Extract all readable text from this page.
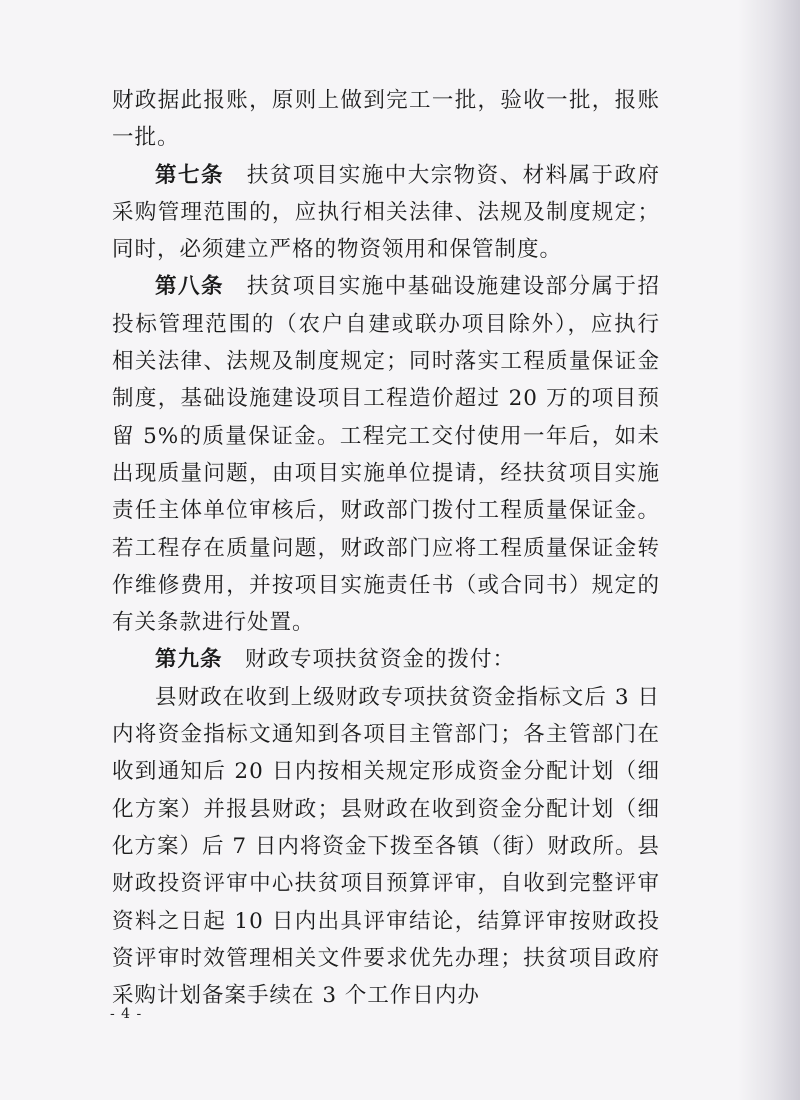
财政据此报账，原则上做到完工一批，验收一批，报账一批。

第七条  扶贫项目实施中大宗物资、材料属于政府采购管理范围的，应执行相关法律、法规及制度规定；同时，必须建立严格的物资领用和保管制度。

第八条  扶贫项目实施中基础设施建设部分属于招投标管理范围的（农户自建或联办项目除外），应执行相关法律、法规及制度规定；同时落实工程质量保证金制度，基础设施建设项目工程造价超过 20 万的项目预留 5%的质量保证金。工程完工交付使用一年后，如未出现质量问题，由项目实施单位提请，经扶贫项目实施责任主体单位审核后，财政部门拨付工程质量保证金。若工程存在质量问题，财政部门应将工程质量保证金转作维修费用，并按项目实施责任书（或合同书）规定的有关条款进行处置。

第九条  财政专项扶贫资金的拨付：

县财政在收到上级财政专项扶贫资金指标文后 3 日内将资金指标文通知到各项目主管部门；各主管部门在收到通知后 20 日内按相关规定形成资金分配计划（细化方案）并报县财政；县财政在收到资金分配计划（细化方案）后 7 日内将资金下拨至各镇（街）财政所。县财政投资评审中心扶贫项目预算评审，自收到完整评审资料之日起 10 日内出具评审结论，结算评审按财政投资评审时效管理相关文件要求优先办理；扶贫项目政府采购计划备案手续在 3 个工作日内办

- 4 -
